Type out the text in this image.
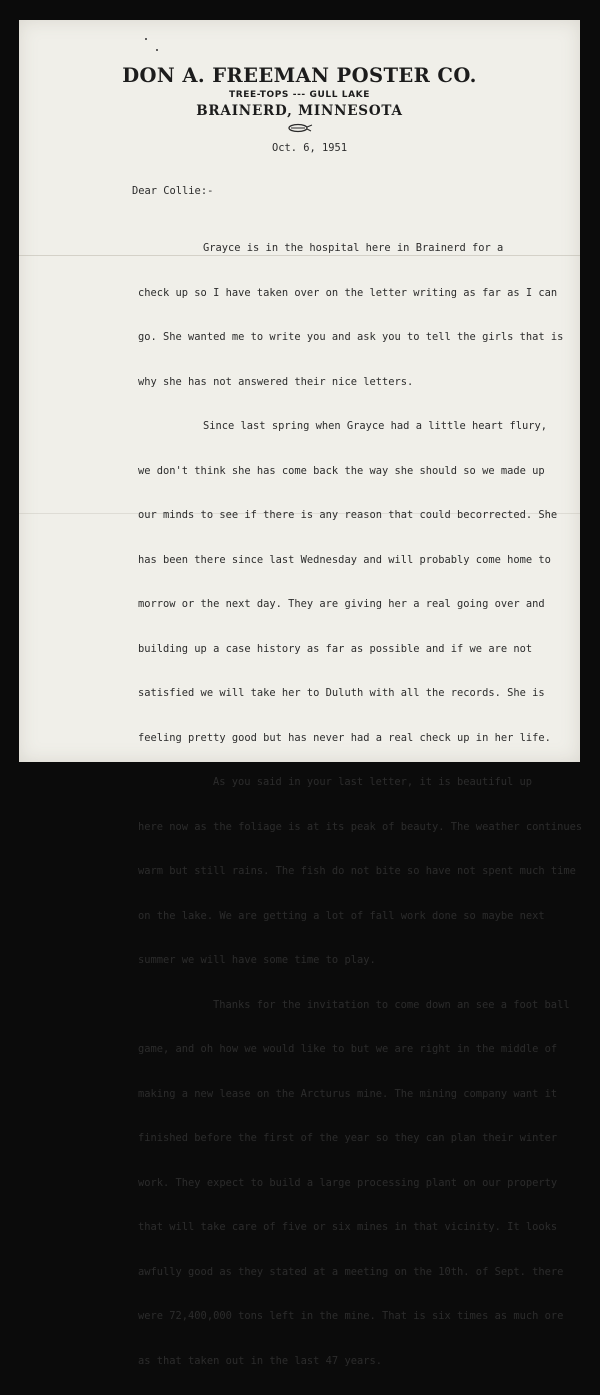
DON A. FREEMAN POSTER CO.
TREE-TOPS --- GULL LAKE
BRAINERD, MINNESOTA
Oct. 6, 1951
Dear Collie:-

Grayce is in the hospital here in Brainerd for a

check up so I have taken over on the letter writing as far as I can

go. She wanted me to write you and ask you to tell the girls that is

why she has not answered their nice letters.

Since last spring when Grayce had a little heart flury,

we don't think she has come back the way she should so we made up

our minds to see if there is any reason that could becorrected. She

has been there since last Wednesday and will probably come home to

morrow or the next day. They are giving her a real going over and

building up a case history as far as possible and if we are not

satisfied we will take her to Duluth with all the records. She is

feeling pretty good but has never had a real check up in her life.

As you said in your last letter, it is beautiful up

here now as the foliage is at its peak of beauty. The weather continues

warm but still rains. The fish do not bite so have not spent much time

on the lake. We are getting a lot of fall work done so maybe next

summer we will have some time to play.

Thanks for the invitation to come down an see a foot ball

game, and oh how we would like to but we are right in the middle of

making a new lease on the Arcturus mine. The mining company want it

finished before the first of the year so they can plan their winter

work. They expect to build a large processing plant on our property

that will take care of five or six mines in that vicinity. It looks

awfully good as they stated at a meeting on the 10th. of Sept. there

were 72,400,000 tons left in the mine. That is six times as much ore

as that taken out in the last 47 years.
